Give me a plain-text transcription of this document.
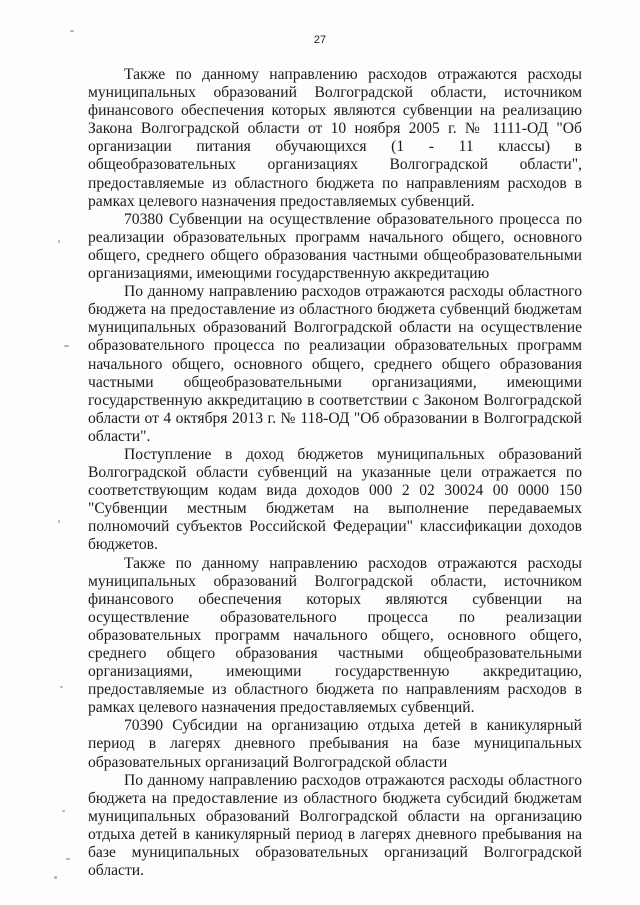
27

Также по данному направлению расходов отражаются расходы муниципальных образований Волгоградской области, источником финансового обеспечения которых являются субвенции на реализацию Закона Волгоградской области от 10 ноября 2005 г. № 1111-ОД "Об организации питания обучающихся (1 - 11 классы) в общеобразовательных организациях Волгоградской области", предоставляемые из областного бюджета по направлениям расходов в рамках целевого назначения предоставляемых субвенций.

70380 Субвенции на осуществление образовательного процесса по реализации образовательных программ начального общего, основного общего, среднего общего образования частными общеобразовательными организациями, имеющими государственную аккредитацию

По данному направлению расходов отражаются расходы областного бюджета на предоставление из областного бюджета субвенций бюджетам муниципальных образований Волгоградской области на осуществление образовательного процесса по реализации образовательных программ начального общего, основного общего, среднего общего образования частными общеобразовательными организациями, имеющими государственную аккредитацию в соответствии с Законом Волгоградской области от 4 октября 2013 г. № 118-ОД "Об образовании в Волгоградской области".

Поступление в доход бюджетов муниципальных образований Волгоградской области субвенций на указанные цели отражается по соответствующим кодам вида доходов 000 2 02 30024 00 0000 150 "Субвенции местным бюджетам на выполнение передаваемых полномочий субъектов Российской Федерации" классификации доходов бюджетов.

Также по данному направлению расходов отражаются расходы муниципальных образований Волгоградской области, источником финансового обеспечения которых являются субвенции на осуществление образовательного процесса по реализации образовательных программ начального общего, основного общего, среднего общего образования частными общеобразовательными организациями, имеющими государственную аккредитацию, предоставляемые из областного бюджета по направлениям расходов в рамках целевого назначения предоставляемых субвенций.

70390 Субсидии на организацию отдыха детей в каникулярный период в лагерях дневного пребывания на базе муниципальных образовательных организаций Волгоградской области

По данному направлению расходов отражаются расходы областного бюджета на предоставление из областного бюджета субсидий бюджетам муниципальных образований Волгоградской области на организацию отдыха детей в каникулярный период в лагерях дневного пребывания на базе муниципальных образовательных организаций Волгоградской области.
